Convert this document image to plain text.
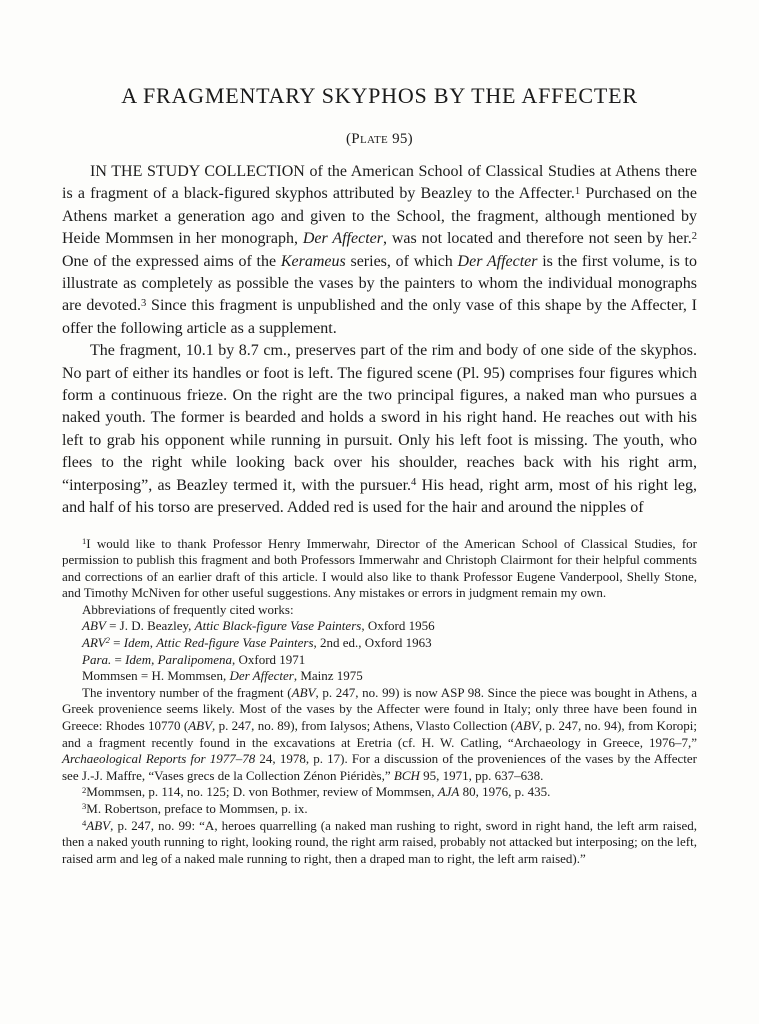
A FRAGMENTARY SKYPHOS BY THE AFFECTER
(Plate 95)

IN THE STUDY COLLECTION of the American School of Classical Studies at Athens there is a fragment of a black-figured skyphos attributed by Beazley to the Affecter.$^1$ Purchased on the Athens market a generation ago and given to the School, the fragment, although mentioned by Heide Mommsen in her monograph, Der Affecter, was not located and therefore not seen by her.$^2$ One of the expressed aims of the Kerameus series, of which Der Affecter is the first volume, is to illustrate as completely as possible the vases by the painters to whom the individual monographs are devoted.$^3$ Since this fragment is unpublished and the only vase of this shape by the Affecter, I offer the following article as a supplement.

The fragment, 10.1 by 8.7 cm., preserves part of the rim and body of one side of the skyphos. No part of either its handles or foot is left. The figured scene (Pl. 95) comprises four figures which form a continuous frieze. On the right are the two principal figures, a naked man who pursues a naked youth. The former is bearded and holds a sword in his right hand. He reaches out with his left to grab his opponent while running in pursuit. Only his left foot is missing. The youth, who flees to the right while looking back over his shoulder, reaches back with his right arm, “interposing”, as Beazley termed it, with the pursuer.$^4$ His head, right arm, most of his right leg, and half of his torso are preserved. Added red is used for the hair and around the nipples of

$^1$I would like to thank Professor Henry Immerwahr, Director of the American School of Classical Studies, for permission to publish this fragment and both Professors Immerwahr and Christoph Clairmont for their helpful comments and corrections of an earlier draft of this article. I would also like to thank Professor Eugene Vanderpool, Shelly Stone, and Timothy McNiven for other useful suggestions. Any mistakes or errors in judgment remain my own.

Abbreviations of frequently cited works:

ABV = J. D. Beazley, Attic Black-figure Vase Painters, Oxford 1956

$ARV^2$ = Idem, Attic Red-figure Vase Painters, 2nd ed., Oxford 1963

Para. = Idem, Paralipomena, Oxford 1971

Mommsen = H. Mommsen, Der Affecter, Mainz 1975

The inventory number of the fragment (ABV, p. 247, no. 99) is now ASP 98. Since the piece was bought in Athens, a Greek provenience seems likely. Most of the vases by the Affecter were found in Italy; only three have been found in Greece: Rhodes 10770 (ABV, p. 247, no. 89), from Ialysos; Athens, Vlasto Collection (ABV, p. 247, no. 94), from Koropi; and a fragment recently found in the excavations at Eretria (cf. H. W. Catling, “Archaeology in Greece, 1976–7,” Archaeological Reports for 1977–78 24, 1978, p. 17). For a discussion of the proveniences of the vases by the Affecter see J.-J. Maffre, “Vases grecs de la Collection Zénon Piéridès,” BCH 95, 1971, pp. 637–638.

$^2$Mommsen, p. 114, no. 125; D. von Bothmer, review of Mommsen, AJA 80, 1976, p. 435.

$^3$M. Robertson, preface to Mommsen, p. ix.

$^4$ABV, p. 247, no. 99: “A, heroes quarrelling (a naked man rushing to right, sword in right hand, the left arm raised, then a naked youth running to right, looking round, the right arm raised, probably not attacked but interposing; on the left, raised arm and leg of a naked male running to right, then a draped man to right, the left arm raised).”
